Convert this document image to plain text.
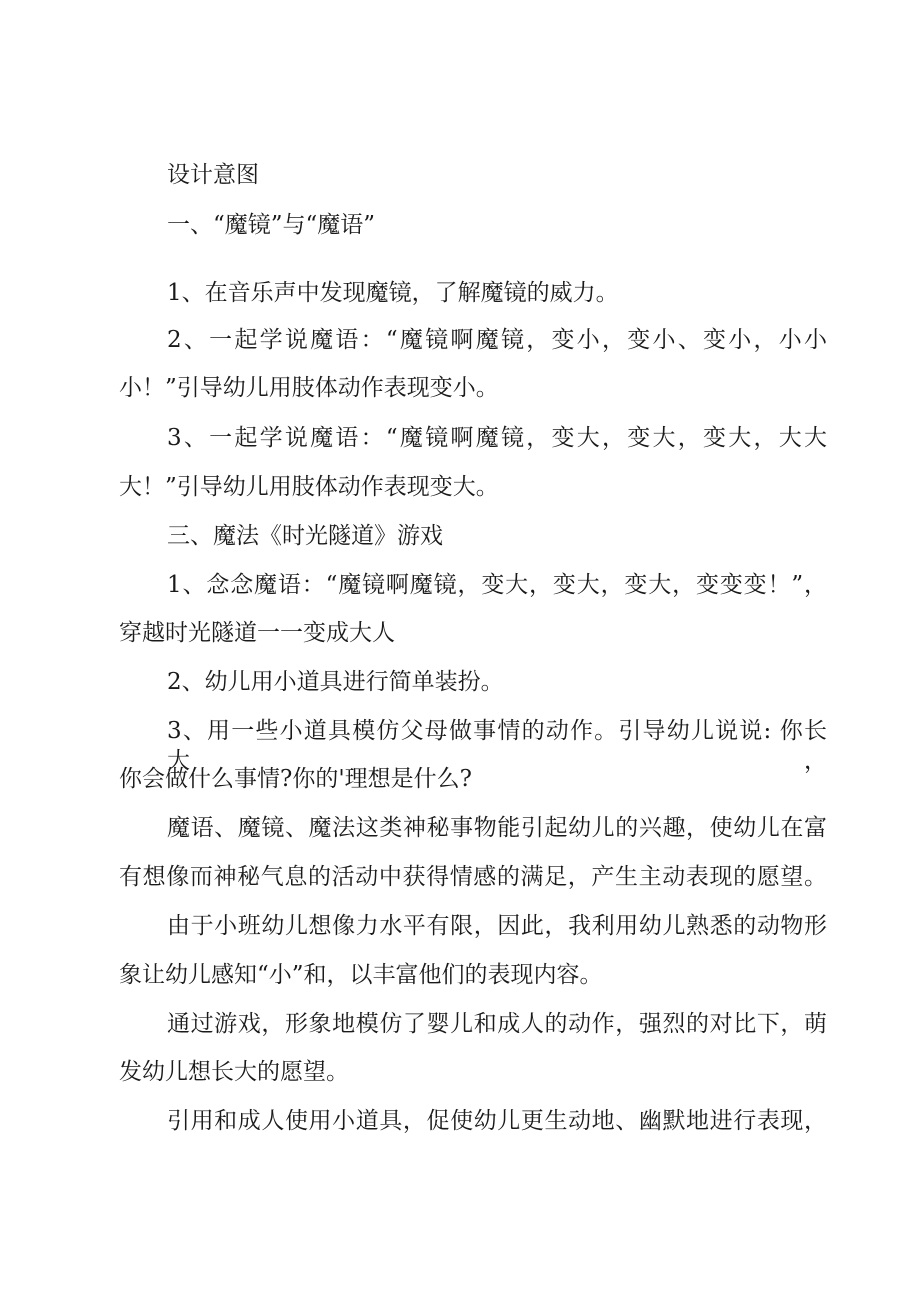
设计意图
一、“魔镜”与“魔语”
1、在音乐声中发现魔镜，了解魔镜的威力。
2、一起学说魔语：“魔镜啊魔镜，变小，变小、变小，小小
小！”引导幼儿用肢体动作表现变小。
3、一起学说魔语：“魔镜啊魔镜，变大，变大，变大，大大
大！”引导幼儿用肢体动作表现变大。
三、魔法《时光隧道》游戏
1、念念魔语：“魔镜啊魔镜，变大，变大，变大，变变变！”，
穿越时光隧道一一变成大人
2、幼儿用小道具进行简单装扮。
3、用一些小道具模仿父母做事情的动作。引导幼儿说说: 你长大，
你会做什么事情?你的'理想是什么?
魔语、魔镜、魔法这类神秘事物能引起幼儿的兴趣，使幼儿在富
有想像而神秘气息的活动中获得情感的满足，产生主动表现的愿望。
由于小班幼儿想像力水平有限，因此，我利用幼儿熟悉的动物形
象让幼儿感知“小”和，以丰富他们的表现内容。
通过游戏，形象地模仿了婴儿和成人的动作，强烈的对比下，萌
发幼儿想长大的愿望。
引用和成人使用小道具，促使幼儿更生动地、幽默地进行表现，
